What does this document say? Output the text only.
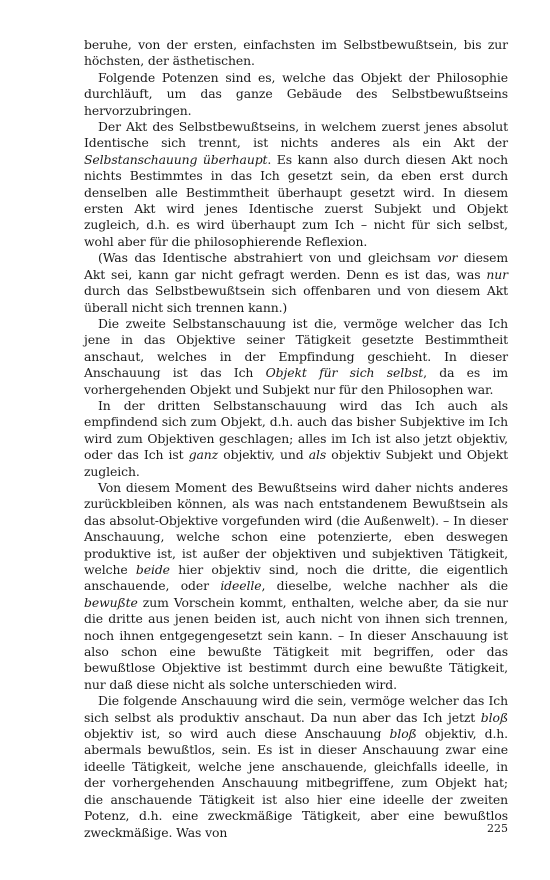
beruhe, von der ersten, einfachsten im Selbstbewußtsein, bis zur höchsten, der ästhetischen.

Folgende Potenzen sind es, welche das Objekt der Philosophie durchläuft, um das ganze Gebäude des Selbstbewußtseins hervorzubringen.

Der Akt des Selbstbewußtseins, in welchem zuerst jenes absolut Identische sich trennt, ist nichts anderes als ein Akt der Selbstanschauung überhaupt. Es kann also durch diesen Akt noch nichts Bestimmtes in das Ich gesetzt sein, da eben erst durch denselben alle Bestimmtheit überhaupt gesetzt wird. In diesem ersten Akt wird jenes Identische zuerst Subjekt und Objekt zugleich, d.h. es wird überhaupt zum Ich – nicht für sich selbst, wohl aber für die philosophierende Reflexion.

(Was das Identische abstrahiert von und gleichsam vor diesem Akt sei, kann gar nicht gefragt werden. Denn es ist das, was nur durch das Selbstbewußtsein sich offenbaren und von diesem Akt überall nicht sich trennen kann.)

Die zweite Selbstanschauung ist die, vermöge welcher das Ich jene in das Objektive seiner Tätigkeit gesetzte Bestimmtheit anschaut, welches in der Empfindung geschieht. In dieser Anschauung ist das Ich Objekt für sich selbst, da es im vorhergehenden Objekt und Subjekt nur für den Philosophen war.

In der dritten Selbstanschauung wird das Ich auch als empfindend sich zum Objekt, d.h. auch das bisher Subjektive im Ich wird zum Objektiven geschlagen; alles im Ich ist also jetzt objektiv, oder das Ich ist ganz objektiv, und als objektiv Subjekt und Objekt zugleich.

Von diesem Moment des Bewußtseins wird daher nichts anderes zurückbleiben können, als was nach entstandenem Bewußtsein als das absolut-Objektive vorgefunden wird (die Außenwelt). – In dieser Anschauung, welche schon eine potenzierte, eben deswegen produktive ist, ist außer der objektiven und subjektiven Tätigkeit, welche beide hier objektiv sind, noch die dritte, die eigentlich anschauende, oder ideelle, dieselbe, welche nachher als die bewußte zum Vorschein kommt, enthalten, welche aber, da sie nur die dritte aus jenen beiden ist, auch nicht von ihnen sich trennen, noch ihnen entgegengesetzt sein kann. – In dieser Anschauung ist also schon eine bewußte Tätigkeit mit begriffen, oder das bewußtlose Objektive ist bestimmt durch eine bewußte Tätigkeit, nur daß diese nicht als solche unterschieden wird.

Die folgende Anschauung wird die sein, vermöge welcher das Ich sich selbst als produktiv anschaut. Da nun aber das Ich jetzt bloß objektiv ist, so wird auch diese Anschauung bloß objektiv, d.h. abermals bewußtlos, sein. Es ist in dieser Anschauung zwar eine ideelle Tätigkeit, welche jene anschauende, gleichfalls ideelle, in der vorhergehenden Anschauung mitbegriffene, zum Objekt hat; die anschauende Tätigkeit ist also hier eine ideelle der zweiten Potenz, d.h. eine zweckmäßige Tätigkeit, aber eine bewußtlos zweckmäßige. Was von	225
